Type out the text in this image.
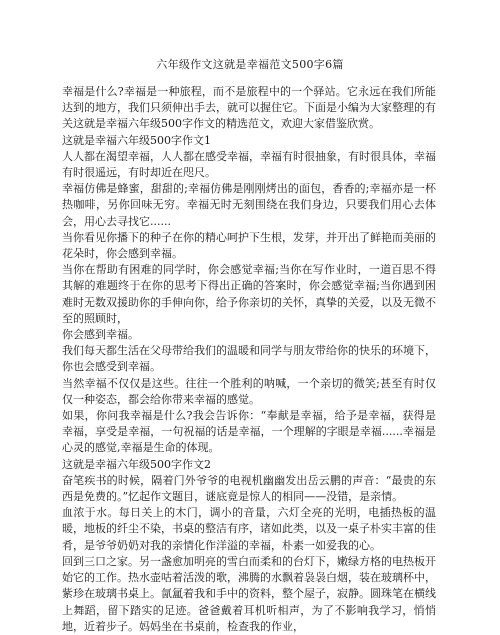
六年级作文这就是幸福范文500字6篇

幸福是什么?幸福是一种旅程，而不是旅程中的一个驿站。它永远在我们所能达到的地方，我们只须伸出手去，就可以握住它。下面是小编为大家整理的有关这就是幸福六年级500字作文的精选范文，欢迎大家借鉴欣赏。

这就是幸福六年级500字作文1

人人都在渴望幸福，人人都在感受幸福，幸福有时很抽象，有时很具体，幸福有时很遥远，有时却近在咫尺。

幸福仿佛是蜂蜜，甜甜的;幸福仿佛是刚刚烤出的面包，香香的;幸福亦是一杯热咖啡，另你回味无穷。幸福无时无刻围绕在我们身边，只要我们用心去体会，用心去寻找它......

当你看见你播下的种子在你的精心呵护下生根，发芽，并开出了鲜艳而美丽的花朵时，你会感到幸福。

当你在帮助有困难的同学时，你会感觉幸福;当你在写作业时，一道百思不得其解的难题终于在你的思考下得出正确的答案时，你会感觉幸福;当你遇到困难时无数双援助你的手伸向你，给予你亲切的关怀，真挚的关爱，以及无微不至的照顾时，

你会感到幸福。

我们每天都生活在父母带给我们的温暖和同学与朋友带给你的快乐的环境下，你也会感受到幸福。

当然幸福不仅仅是这些。往往一个胜利的呐喊，一个亲切的微笑;甚至有时仅仅一种姿态，都会给你带来幸福的感觉。

如果，你问我幸福是什么?我会告诉你：“奉献是幸福，给予是幸福，获得是幸福，享受是幸福，一句祝福的话是幸福，一个理解的字眼是幸福......幸福是心灵的感觉,幸福是生命的体现。

这就是幸福六年级500字作文2

奋笔疾书的时候，隔着门外爷爷的电视机幽幽发出岳云鹏的声音：“最贵的东西是免费的。”忆起作文题目，谜底竟是惊人的相同——没错，是亲情。

血浓于水。每日关上的木门，调小的音量，六灯全亮的光明，电插热板的温暖，地板的纤尘不染，书桌的整洁有序，诸如此类，以及一桌子朴实丰富的佳肴，是爷爷奶奶对我的亲情化作洋溢的幸福，朴素一如爱我的心。

回到三口之家。另一盏愈加明亮的雪白而柔和的台灯下，嫩绿方格的电热板开始它的工作。热水壶咕着活泼的歌，沸腾的水飘着袅袅白烟，装在玻璃杯中，紫珍在玻璃书桌上。氤氲着我和手中的资料，整个屋子，寂静。圆珠笔在横线上舞蹈，留下踏实的足迹。爸爸戴着耳机听相声，为了不影响我学习，悄悄地，近着步子。妈妈坐在书桌前，检查我的作业，
